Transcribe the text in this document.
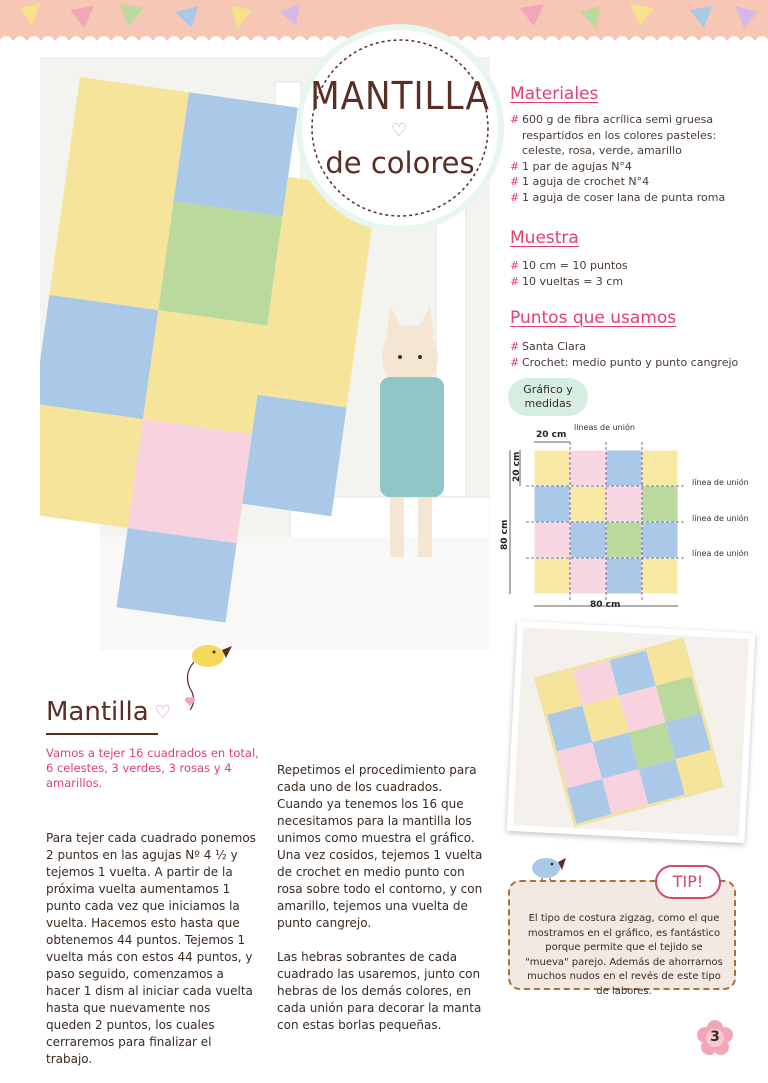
MANTILLA
♡
de colores
Materiales
# 600 g de fibra acrílica semi gruesa respartidos en los colores pasteles: celeste, rosa, verde, amarillo
# 1 par de agujas N°4
# 1 aguja de crochet N°4
# 1 aguja de coser lana de punta roma
Muestra
# 10 cm = 10 puntos
# 10 vueltas = 3 cm
Puntos que usamos
# Santa Clara
# Crochet: medio punto y punto cangrejo
Gráfico y medidas
20 cm
lineas de unión
20 cm
80 cm
80 cm
línea de unión
línea de unión
línea de unión
Mantilla ♡
Vamos a tejer 16 cuadrados en total, 6 celestes, 3 verdes, 3 rosas y 4 amarillos.
Para tejer cada cuadrado ponemos 2 puntos en las agujas Nº 4 ½ y tejemos 1 vuelta. A partir de la próxima vuelta aumentamos 1 punto cada vez que iniciamos la vuelta. Hacemos esto hasta que obtenemos 44 puntos. Tejemos 1 vuelta más con estos 44 puntos, y paso seguido, comenzamos a hacer 1 dism al iniciar cada vuelta hasta que nuevamente nos queden 2 puntos, los cuales cerraremos para finalizar el trabajo.

Repetimos el procedimiento para cada uno de los cuadrados. Cuando ya tenemos los 16 que necesitamos para la mantilla los unimos como muestra el gráfico. Una vez cosidos, tejemos 1 vuelta de crochet en medio punto con rosa sobre todo el contorno, y con amarillo, tejemos una vuelta de punto cangrejo.

Las hebras sobrantes de cada cuadrado las usaremos, junto con hebras de los demás colores, en cada unión para decorar la manta con estas borlas pequeñas.

El tipo de costura zigzag, como el que mostramos en el gráfico, es fantástico porque permite que el tejido se "mueva" parejo. Además de ahorrarnos muchos nudos en el revés de este tipo de labores.
TIP!
3
